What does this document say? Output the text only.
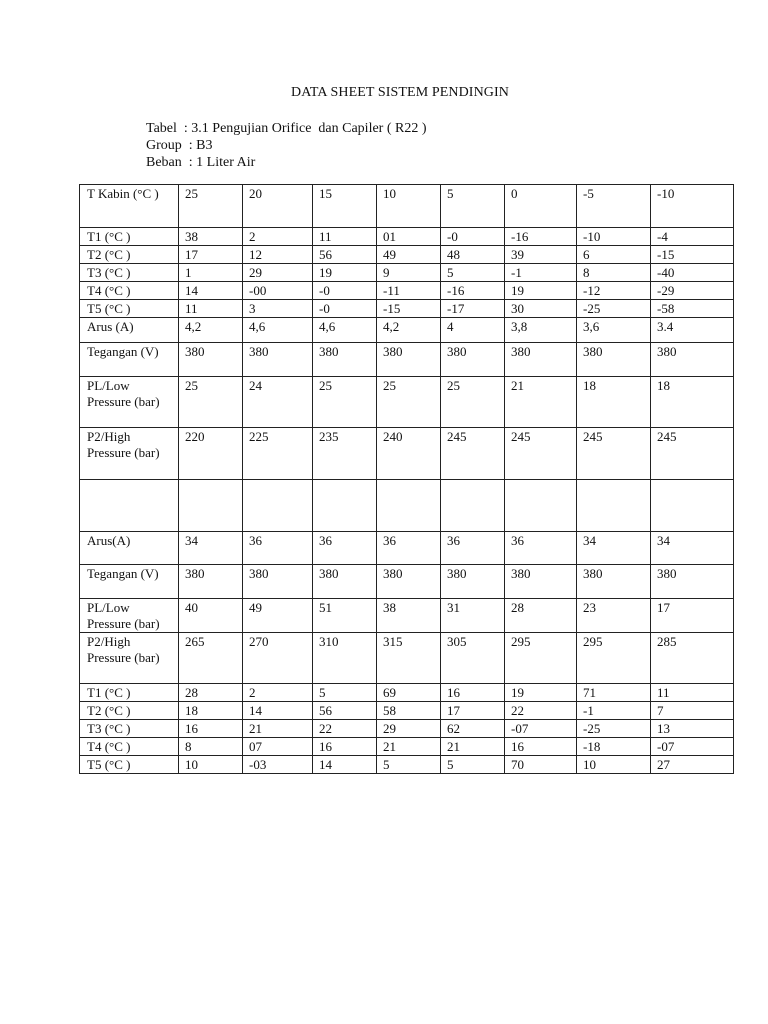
DATA SHEET SISTEM PENDINGIN
Tabel  : 3.1 Pengujian Orifice  dan Capiler ( R22 )
Group  : B3
Beban  : 1 Liter Air
T Kabin (°C )	25	20	15	10	5	0	-5	-10
T1 (°C )	38	2	11	01	-0	-16	-10	-4
T2 (°C )	17	12	56	49	48	39	6	-15
T3 (°C )	1	29	19	9	5	-1	8	-40
T4 (°C )	14	-00	-0	-11	-16	19	-12	-29
T5 (°C )	11	3	-0	-15	-17	30	-25	-58
Arus (A)	4,2	4,6	4,6	4,2	4	3,8	3,6	3.4
Tegangan (V)	380	380	380	380	380	380	380	380
PL/Low Pressure (bar)	25	24	25	25	25	21	18	18
P2/High Pressure (bar)	220	225	235	240	245	245	245	245

Arus(A)	34	36	36	36	36	36	34	34
Tegangan (V)	380	380	380	380	380	380	380	380
PL/Low Pressure (bar)	40	49	51	38	31	28	23	17
P2/High Pressure (bar)	265	270	310	315	305	295	295	285
T1 (°C )	28	2	5	69	16	19	71	11
T2 (°C )	18	14	56	58	17	22	-1	7
T3 (°C )	16	21	22	29	62	-07	-25	13
T4 (°C )	8	07	16	21	21	16	-18	-07
T5 (°C )	10	-03	14	5	5	70	10	27
